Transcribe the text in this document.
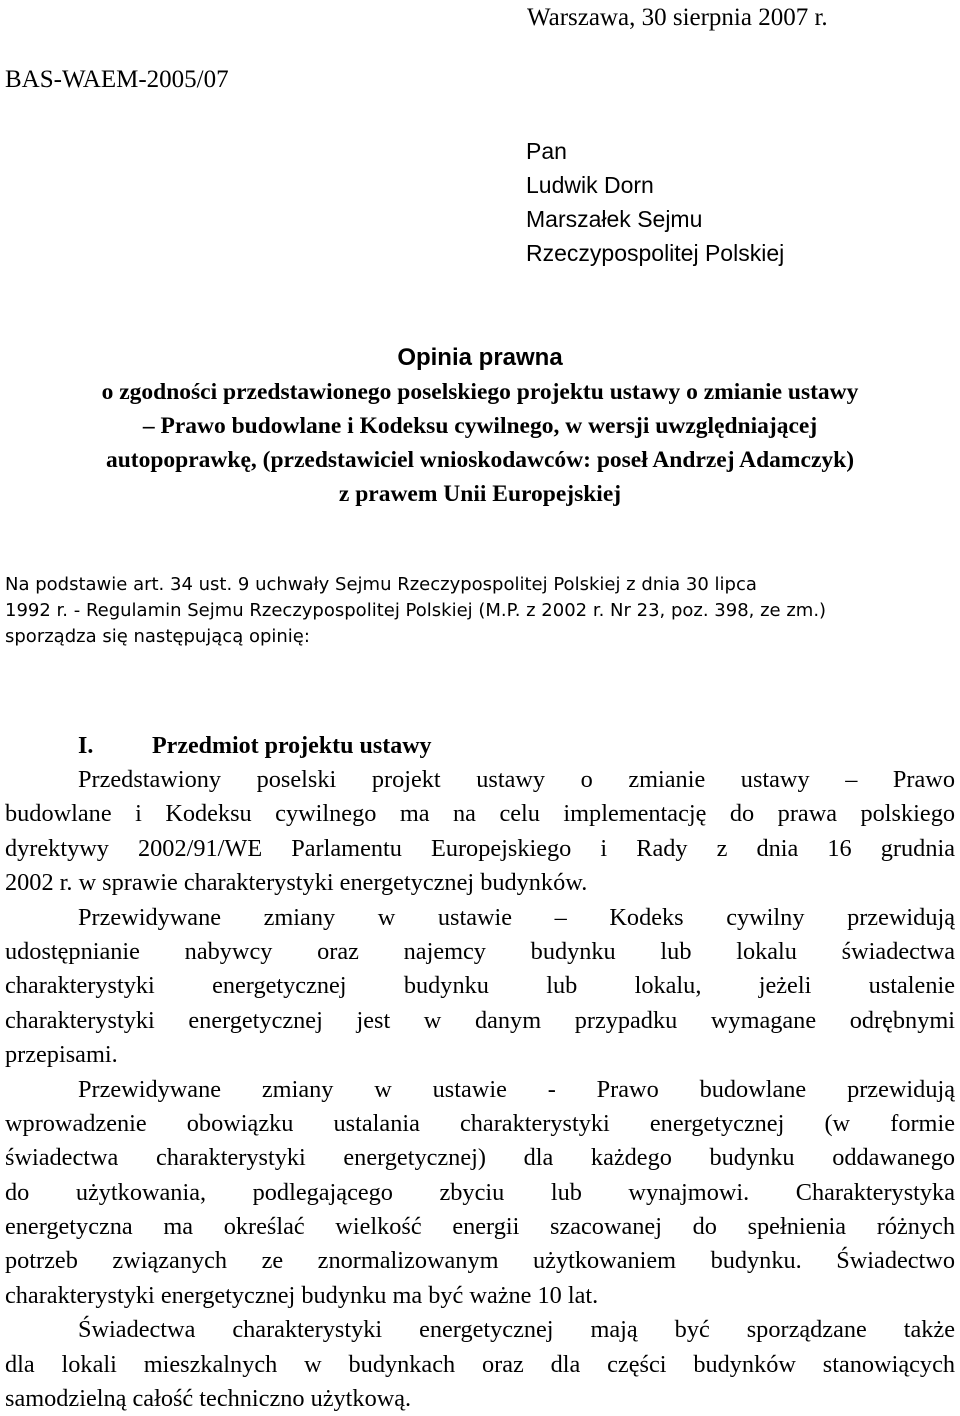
Warszawa, 30 sierpnia 2007 r.
BAS-WAEM-2005/07
Pan
Ludwik Dorn
Marszałek Sejmu
Rzeczypospolitej Polskiej
Opinia prawna
o zgodności przedstawionego poselskiego projektu ustawy o zmianie ustawy
– Prawo budowlane i Kodeksu cywilnego, w wersji uwzględniającej
autopoprawkę, (przedstawiciel wnioskodawców: poseł Andrzej Adamczyk)
z prawem Unii Europejskiej
Na podstawie art. 34 ust. 9 uchwały Sejmu Rzeczypospolitej Polskiej z dnia 30 lipca
1992 r. - Regulamin Sejmu Rzeczypospolitej Polskiej (M.P. z 2002 r. Nr 23, poz. 398, ze zm.)
sporządza się następującą opinię:
I. Przedmiot projektu ustawy
Przedstawiony poselski projekt ustawy o zmianie ustawy – Prawo
budowlane i Kodeksu cywilnego ma na celu implementację do prawa polskiego
dyrektywy 2002/91/WE Parlamentu Europejskiego i Rady z dnia 16 grudnia
2002 r. w sprawie charakterystyki energetycznej budynków.
Przewidywane zmiany w ustawie – Kodeks cywilny przewidują
udostępnianie nabywcy oraz najemcy budynku lub lokalu świadectwa
charakterystyki energetycznej budynku lub lokalu, jeżeli ustalenie
charakterystyki energetycznej jest w danym przypadku wymagane odrębnymi
przepisami.
Przewidywane zmiany w ustawie - Prawo budowlane przewidują
wprowadzenie obowiązku ustalania charakterystyki energetycznej (w formie
świadectwa charakterystyki energetycznej) dla każdego budynku oddawanego
do użytkowania, podlegającego zbyciu lub wynajmowi. Charakterystyka
energetyczna ma określać wielkość energii szacowanej do spełnienia różnych
potrzeb związanych ze znormalizowanym użytkowaniem budynku. Świadectwo
charakterystyki energetycznej budynku ma być ważne 10 lat.
Świadectwa charakterystyki energetycznej mają być sporządzane także
dla lokali mieszkalnych w budynkach oraz dla części budynków stanowiących
samodzielną całość techniczno użytkową.
